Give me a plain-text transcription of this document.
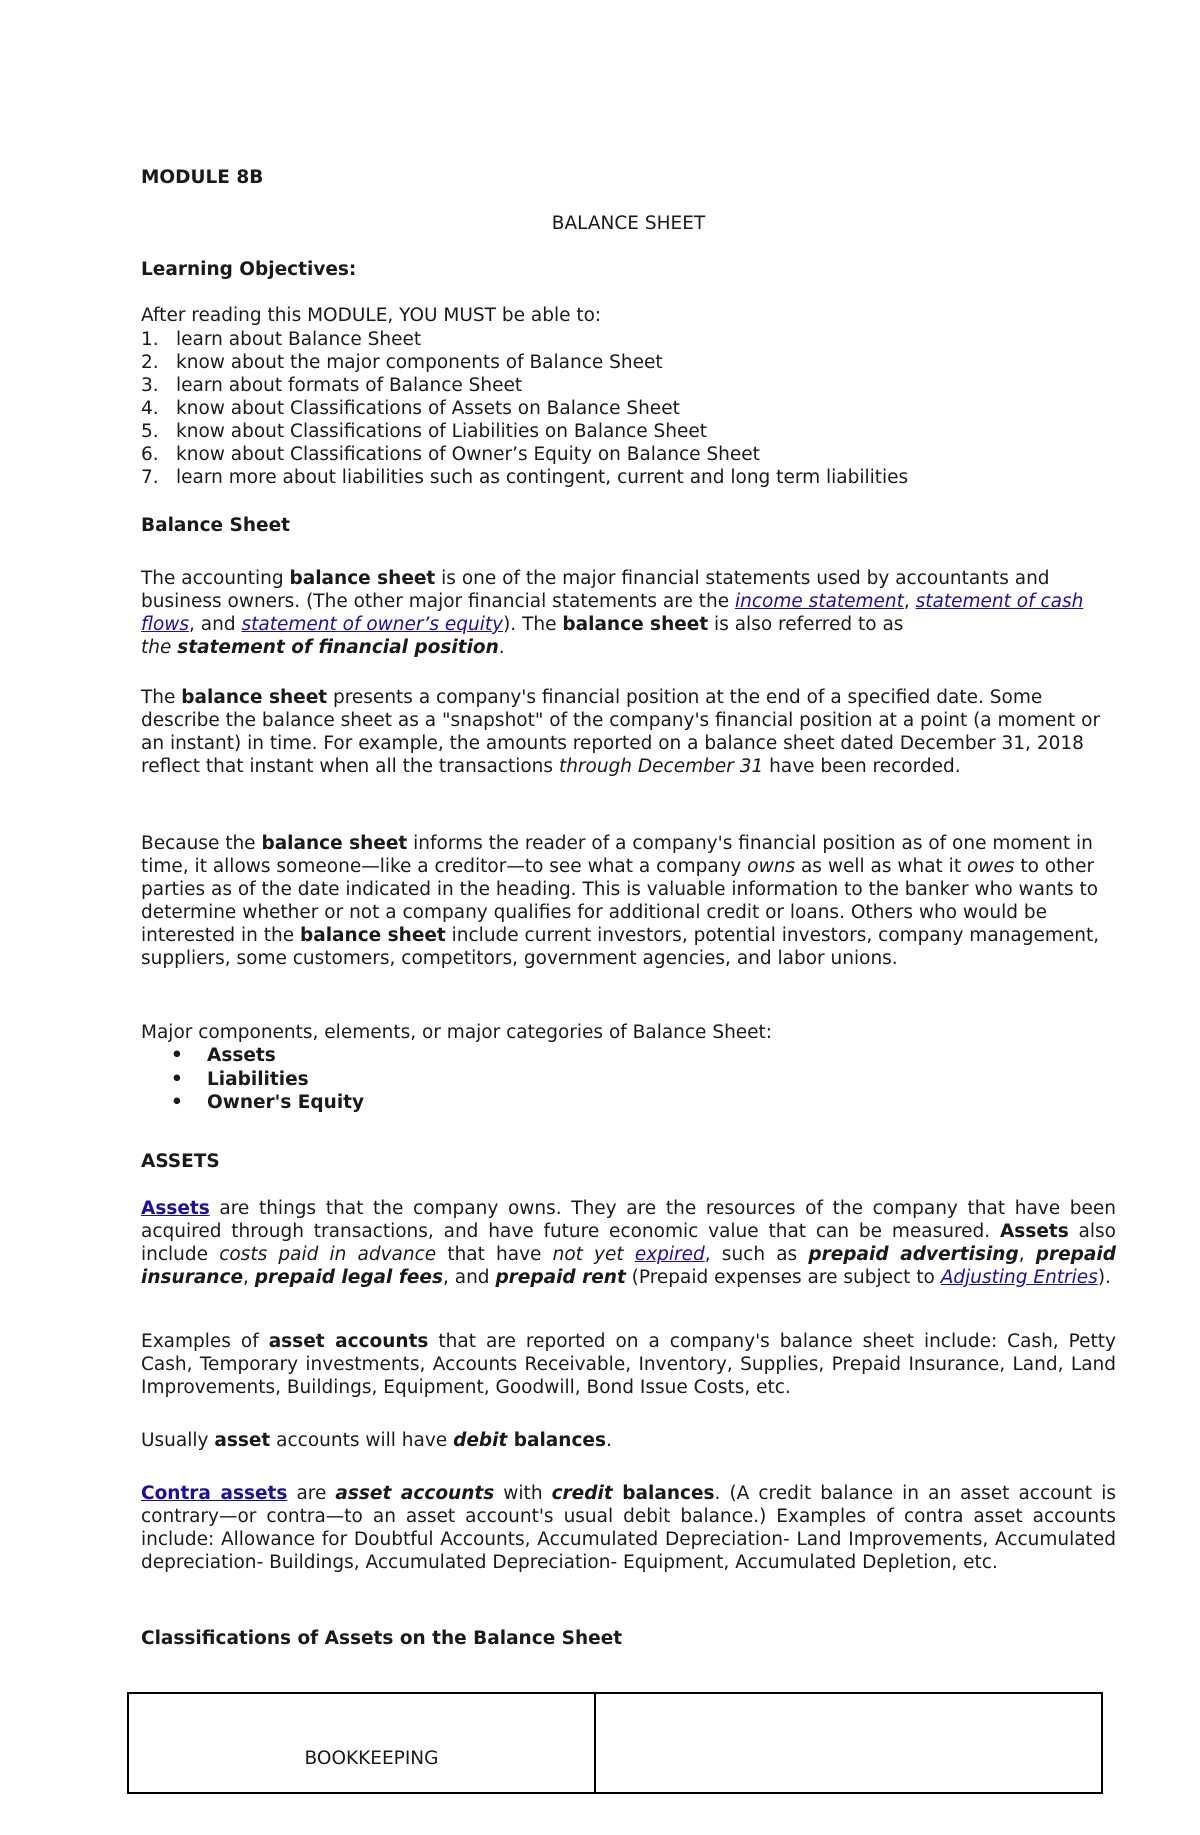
MODULE 8B
BALANCE SHEET
Learning Objectives:
After reading this MODULE, YOU MUST be able to:
1. learn about Balance Sheet
2. know about the major components of Balance Sheet
3. learn about formats of Balance Sheet
4. know about Classifications of Assets on Balance Sheet
5. know about Classifications of Liabilities on Balance Sheet
6. know about Classifications of Owner’s Equity on Balance Sheet
7. learn more about liabilities such as contingent, current and long term liabilities
Balance Sheet
The accounting balance sheet is one of the major financial statements used by accountants and business owners. (The other major financial statements are the income statement, statement of cash flows, and statement of owner’s equity). The balance sheet is also referred to as
the statement of financial position.
The balance sheet presents a company's financial position at the end of a specified date. Some describe the balance sheet as a "snapshot" of the company's financial position at a point (a moment or an instant) in time. For example, the amounts reported on a balance sheet dated December 31, 2018 reflect that instant when all the transactions through December 31 have been recorded.
Because the balance sheet informs the reader of a company's financial position as of one moment in time, it allows someone—like a creditor—to see what a company owns as well as what it owes to other parties as of the date indicated in the heading. This is valuable information to the banker who wants to determine whether or not a company qualifies for additional credit or loans. Others who would be interested in the balance sheet include current investors, potential investors, company management, suppliers, some customers, competitors, government agencies, and labor unions.
Major components, elements, or major categories of Balance Sheet:
• Assets
• Liabilities
• Owner's Equity
ASSETS
Assets are things that the company owns. They are the resources of the company that have been acquired through transactions, and have future economic value that can be measured. Assets also include costs paid in advance that have not yet expired, such as prepaid advertising, prepaid insurance, prepaid legal fees, and prepaid rent (Prepaid expenses are subject to Adjusting Entries).
Examples of asset accounts that are reported on a company's balance sheet include: Cash, Petty Cash, Temporary investments, Accounts Receivable, Inventory, Supplies, Prepaid Insurance, Land, Land Improvements, Buildings, Equipment, Goodwill, Bond Issue Costs, etc.
Usually asset accounts will have debit balances.
Contra assets are asset accounts with credit balances. (A credit balance in an asset account is contrary—or contra—to an asset account's usual debit balance.) Examples of contra asset accounts include: Allowance for Doubtful Accounts, Accumulated Depreciation- Land Improvements, Accumulated depreciation- Buildings, Accumulated Depreciation- Equipment, Accumulated Depletion, etc.
Classifications of Assets on the Balance Sheet
BOOKKEEPING
